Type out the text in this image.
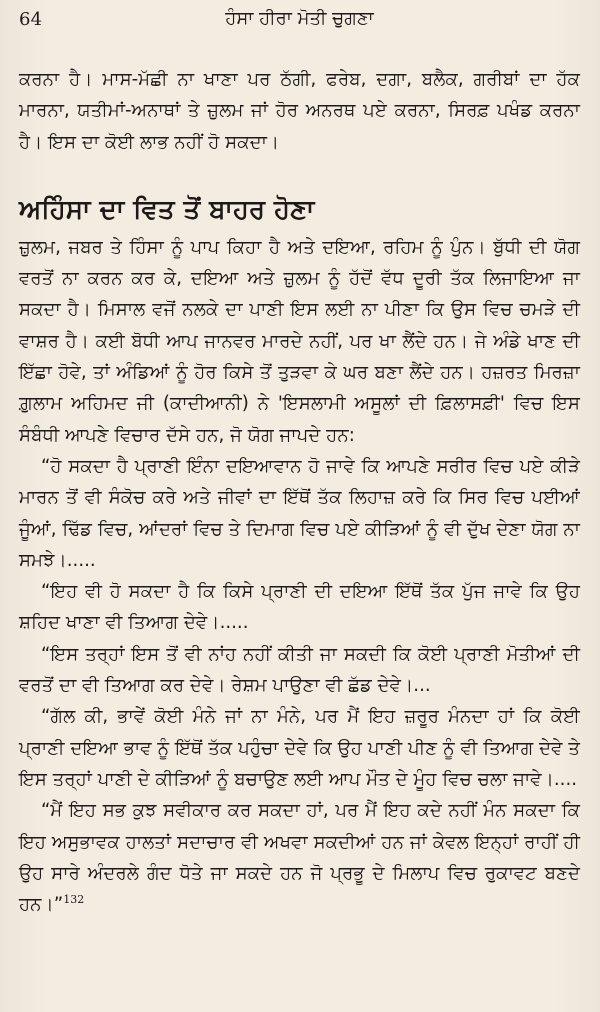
64	ਹੰਸਾ ਹੀਰਾ ਮੋਤੀ ਚੁਗਣਾ

ਕਰਨਾ ਹੈ। ਮਾਸ-ਮੱਛੀ ਨਾ ਖਾਣਾ ਪਰ ਠੱਗੀ, ਫਰੇਬ, ਦਗਾ, ਬਲੈਕ, ਗਰੀਬਾਂ ਦਾ ਹੱਕ ਮਾਰਨਾ, ਯਤੀਮਾਂ-ਅਨਾਥਾਂ ਤੇ ਜ਼ੁਲਮ ਜਾਂ ਹੋਰ ਅਨਰਥ ਪਏ ਕਰਨਾ, ਸਿਰਫ਼ ਪਖੰਡ ਕਰਨਾ ਹੈ। ਇਸ ਦਾ ਕੋਈ ਲਾਭ ਨਹੀਂ ਹੋ ਸਕਦਾ।

ਅਹਿੰਸਾ ਦਾ ਵਿਤ ਤੋਂ ਬਾਹਰ ਹੋਣਾ

ਜ਼ੁਲਮ, ਜਬਰ ਤੇ ਹਿੰਸਾ ਨੂੰ ਪਾਪ ਕਿਹਾ ਹੈ ਅਤੇ ਦਇਆ, ਰਹਿਮ ਨੂੰ ਪੁੰਨ। ਬੁੱਧੀ ਦੀ ਯੋਗ ਵਰਤੋਂ ਨਾ ਕਰਨ ਕਰ ਕੇ, ਦਇਆ ਅਤੇ ਜ਼ੁਲਮ ਨੂੰ ਹੱਦੋਂ ਵੱਧ ਦੂਰੀ ਤੱਕ ਲਿਜਾਇਆ ਜਾ ਸਕਦਾ ਹੈ। ਮਿਸਾਲ ਵਜੋਂ ਨਲਕੇ ਦਾ ਪਾਣੀ ਇਸ ਲਈ ਨਾ ਪੀਣਾ ਕਿ ਉਸ ਵਿਚ ਚਮੜੇ ਦੀ ਵਾਸ਼ਰ ਹੈ। ਕਈ ਬੋਧੀ ਆਪ ਜਾਨਵਰ ਮਾਰਦੇ ਨਹੀਂ, ਪਰ ਖਾ ਲੈਂਦੇ ਹਨ। ਜੇ ਅੰਡੇ ਖਾਣ ਦੀ ਇੱਛਾ ਹੋਵੇ, ਤਾਂ ਅੰਡਿਆਂ ਨੂੰ ਹੋਰ ਕਿਸੇ ਤੋਂ ਤੁੜਵਾ ਕੇ ਘਰ ਬਣਾ ਲੈਂਦੇ ਹਨ। ਹਜ਼ਰਤ ਮਿਰਜ਼ਾ ਗ਼ੁਲਾਮ ਅਹਿਮਦ ਜੀ (ਕਾਦੀਆਨੀ) ਨੇ 'ਇਸਲਾਮੀ ਅਸੂਲਾਂ ਦੀ ਫ਼ਿਲਾਸਫ਼ੀ' ਵਿਚ ਇਸ ਸੰਬੰਧੀ ਆਪਣੇ ਵਿਚਾਰ ਦੱਸੇ ਹਨ, ਜੋ ਯੋਗ ਜਾਪਦੇ ਹਨ:

“ਹੋ ਸਕਦਾ ਹੈ ਪ੍ਰਾਣੀ ਇੰਨਾ ਦਇਆਵਾਨ ਹੋ ਜਾਵੇ ਕਿ ਆਪਣੇ ਸਰੀਰ ਵਿਚ ਪਏ ਕੀੜੇ ਮਾਰਨ ਤੋਂ ਵੀ ਸੰਕੋਚ ਕਰੇ ਅਤੇ ਜੀਵਾਂ ਦਾ ਇੱਥੋਂ ਤੱਕ ਲਿਹਾਜ਼ ਕਰੇ ਕਿ ਸਿਰ ਵਿਚ ਪਈਆਂ ਜੂੰਆਂ, ਢਿੱਡ ਵਿਚ, ਆਂਦਰਾਂ ਵਿਚ ਤੇ ਦਿਮਾਗ ਵਿਚ ਪਏ ਕੀੜਿਆਂ ਨੂੰ ਵੀ ਦੁੱਖ ਦੇਣਾ ਯੋਗ ਨਾ ਸਮਝੇ।.....

“ਇਹ ਵੀ ਹੋ ਸਕਦਾ ਹੈ ਕਿ ਕਿਸੇ ਪ੍ਰਾਣੀ ਦੀ ਦਇਆ ਇੱਥੋਂ ਤੱਕ ਪੁੱਜ ਜਾਵੇ ਕਿ ਉਹ ਸ਼ਹਿਦ ਖਾਣਾ ਵੀ ਤਿਆਗ ਦੇਵੇ।.....

“ਇਸ ਤਰ੍ਹਾਂ ਇਸ ਤੋਂ ਵੀ ਨਾਂਹ ਨਹੀਂ ਕੀਤੀ ਜਾ ਸਕਦੀ ਕਿ ਕੋਈ ਪ੍ਰਾਣੀ ਮੋਤੀਆਂ ਦੀ ਵਰਤੋਂ ਦਾ ਵੀ ਤਿਆਗ ਕਰ ਦੇਵੇ। ਰੇਸ਼ਮ ਪਾਉਣਾ ਵੀ ਛੱਡ ਦੇਵੇ।...

“ਗੱਲ ਕੀ, ਭਾਵੇਂ ਕੋਈ ਮੰਨੇ ਜਾਂ ਨਾ ਮੰਨੇ, ਪਰ ਮੈਂ ਇਹ ਜ਼ਰੂਰ ਮੰਨਦਾ ਹਾਂ ਕਿ ਕੋਈ ਪ੍ਰਾਣੀ ਦਇਆ ਭਾਵ ਨੂੰ ਇੱਥੋਂ ਤੱਕ ਪਹੁੰਚਾ ਦੇਵੇ ਕਿ ਉਹ ਪਾਣੀ ਪੀਣ ਨੂੰ ਵੀ ਤਿਆਗ ਦੇਵੇ ਤੇ ਇਸ ਤਰ੍ਹਾਂ ਪਾਣੀ ਦੇ ਕੀੜਿਆਂ ਨੂੰ ਬਚਾਉਣ ਲਈ ਆਪ ਮੌਤ ਦੇ ਮੂੰਹ ਵਿਚ ਚਲਾ ਜਾਵੇ।....

“ਮੈਂ ਇਹ ਸਭ ਕੁਝ ਸਵੀਕਾਰ ਕਰ ਸਕਦਾ ਹਾਂ, ਪਰ ਮੈਂ ਇਹ ਕਦੇ ਨਹੀਂ ਮੰਨ ਸਕਦਾ ਕਿ ਇਹ ਅਸੁਭਾਵਕ ਹਾਲਤਾਂ ਸਦਾਚਾਰ ਵੀ ਅਖਵਾ ਸਕਦੀਆਂ ਹਨ ਜਾਂ ਕੇਵਲ ਇਨ੍ਹਾਂ ਰਾਹੀਂ ਹੀ ਉਹ ਸਾਰੇ ਅੰਦਰਲੇ ਗੰਦ ਧੋਤੇ ਜਾ ਸਕਦੇ ਹਨ ਜੋ ਪ੍ਰਭੂ ਦੇ ਮਿਲਾਪ ਵਿਚ ਰੁਕਾਵਟ ਬਣਦੇ ਹਨ।”$^{132}$
